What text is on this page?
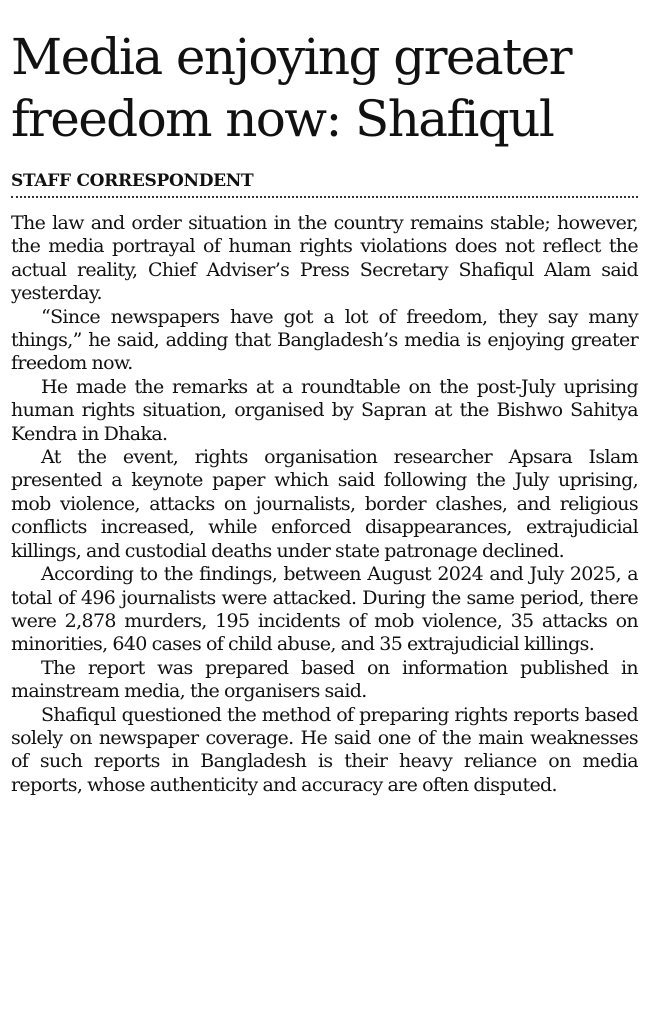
Media enjoying greater
freedom now: Shafiqul
STAFF CORRESPONDENT

The law and order situation in the country remains stable; however, the media portrayal of human rights violations does not reflect the actual reality, Chief Adviser’s Press Secretary Shafiqul Alam said yesterday.

“Since newspapers have got a lot of freedom, they say many things,” he said, adding that Bangladesh’s media is enjoying greater freedom now.

He made the remarks at a roundtable on the post-July uprising human rights situation, organised by Sapran at the Bishwo Sahitya Kendra in Dhaka.

At the event, rights organisation researcher Apsara Islam presented a keynote paper which said following the July uprising, mob violence, attacks on journalists, border clashes, and religious conflicts increased, while enforced disappearances, extrajudicial killings, and custodial deaths under state patronage declined.

According to the findings, between August 2024 and July 2025, a total of 496 journalists were attacked. During the same period, there were 2,878 murders, 195 incidents of mob violence, 35 attacks on minorities, 640 cases of child abuse, and 35 extrajudicial killings.

The report was prepared based on information published in mainstream media, the organisers said.

Shafiqul questioned the method of preparing rights reports based solely on newspaper coverage. He said one of the main weaknesses of such reports in Bangladesh is their heavy reliance on media reports, whose authenticity and accuracy are often disputed.
